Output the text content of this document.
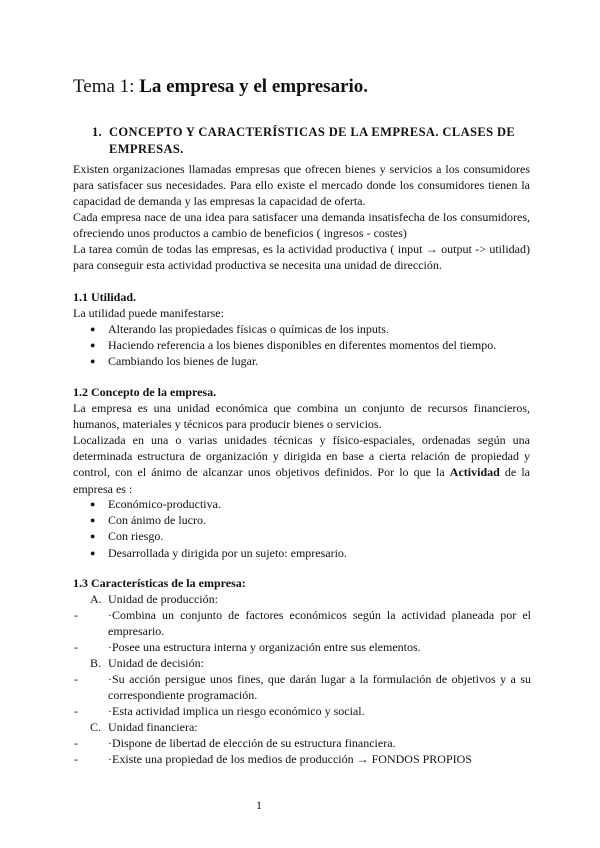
Tema 1: La empresa y el empresario.
1. CONCEPTO Y CARACTERÍSTICAS DE LA EMPRESA. CLASES DE EMPRESAS.
Existen organizaciones llamadas empresas que ofrecen bienes y servicios a los consumidores para satisfacer sus necesidades. Para ello existe el mercado donde los consumidores tienen la capacidad de demanda y las empresas la capacidad de oferta.
Cada empresa nace de una idea para satisfacer una demanda insatisfecha de los consumidores, ofreciendo unos productos a cambio de beneficios ( ingresos - costes)
La tarea común de todas las empresas, es la actividad productiva ( input → output -> utilidad) para conseguir esta actividad productiva se necesita una unidad de dirección.
1.1 Utilidad.
La utilidad puede manifestarse:
● Alterando las propiedades físicas o químicas de los inputs.
● Haciendo referencia a los bienes disponibles en diferentes momentos del tiempo.
● Cambiando los bienes de lugar.
1.2 Concepto de la empresa.
La empresa es una unidad económica que combina un conjunto de recursos financieros, humanos, materiales y técnicos para producir bienes o servicios.
Localizada en una o varias unidades técnicas y físico-espaciales, ordenadas según una determinada estructura de organización y dirigida en base a cierta relación de propiedad y control, con el ánimo de alcanzar unos objetivos definidos. Por lo que la Actividad de la empresa es :
● Económico-productiva.
● Con ánimo de lucro.
● Con riesgo.
● Desarrollada y dirigida por un sujeto: empresario.
1.3 Características de la empresa:
A. Unidad de producción:
-	·Combina un conjunto de factores económicos según la actividad planeada por el empresario.
-	·Posee una estructura interna y organización entre sus elementos.
B. Unidad de decisión:
-	·Su acción persigue unos fines, que darán lugar a la formulación de objetivos y a su correspondiente programación.
-	·Esta actividad implica un riesgo económico y social.
C. Unidad financiera:
-	·Dispone de libertad de elección de su estructura financiera.
-	·Existe una propiedad de los medios de producción → FONDOS PROPIOS
1
